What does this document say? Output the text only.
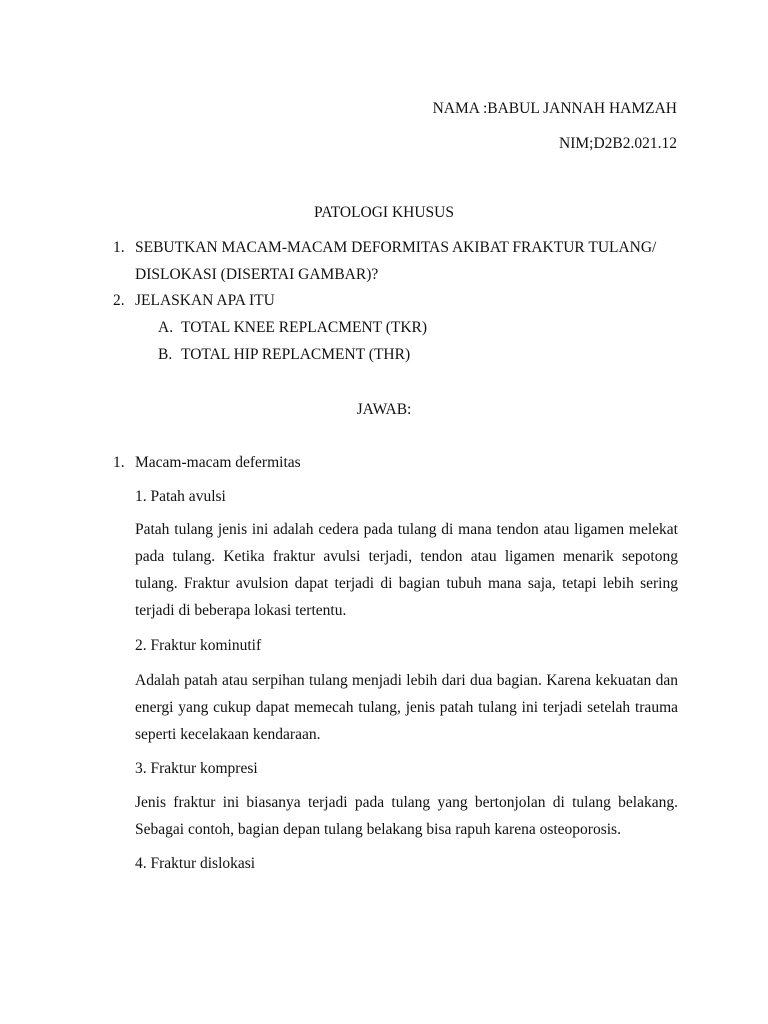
NAMA :BABUL JANNAH HAMZAH
NIM;D2B2.021.12
PATOLOGI KHUSUS
1. SEBUTKAN MACAM-MACAM DEFORMITAS AKIBAT FRAKTUR TULANG/
DISLOKASI (DISERTAI GAMBAR)?
2. JELASKAN APA ITU
A. TOTAL KNEE REPLACMENT (TKR)
B. TOTAL HIP REPLACMENT (THR)
JAWAB:
1. Macam-macam defermitas
1. Patah avulsi
Patah tulang jenis ini adalah cedera pada tulang di mana tendon atau ligamen melekat pada tulang. Ketika fraktur avulsi terjadi, tendon atau ligamen menarik sepotong tulang. Fraktur avulsion dapat terjadi di bagian tubuh mana saja, tetapi lebih sering terjadi di beberapa lokasi tertentu.
2. Fraktur kominutif
Adalah patah atau serpihan tulang menjadi lebih dari dua bagian. Karena kekuatan dan energi yang cukup dapat memecah tulang, jenis patah tulang ini terjadi setelah trauma seperti kecelakaan kendaraan.
3. Fraktur kompresi
Jenis fraktur ini biasanya terjadi pada tulang yang bertonjolan di tulang belakang. Sebagai contoh, bagian depan tulang belakang bisa rapuh karena osteoporosis.
4. Fraktur dislokasi
